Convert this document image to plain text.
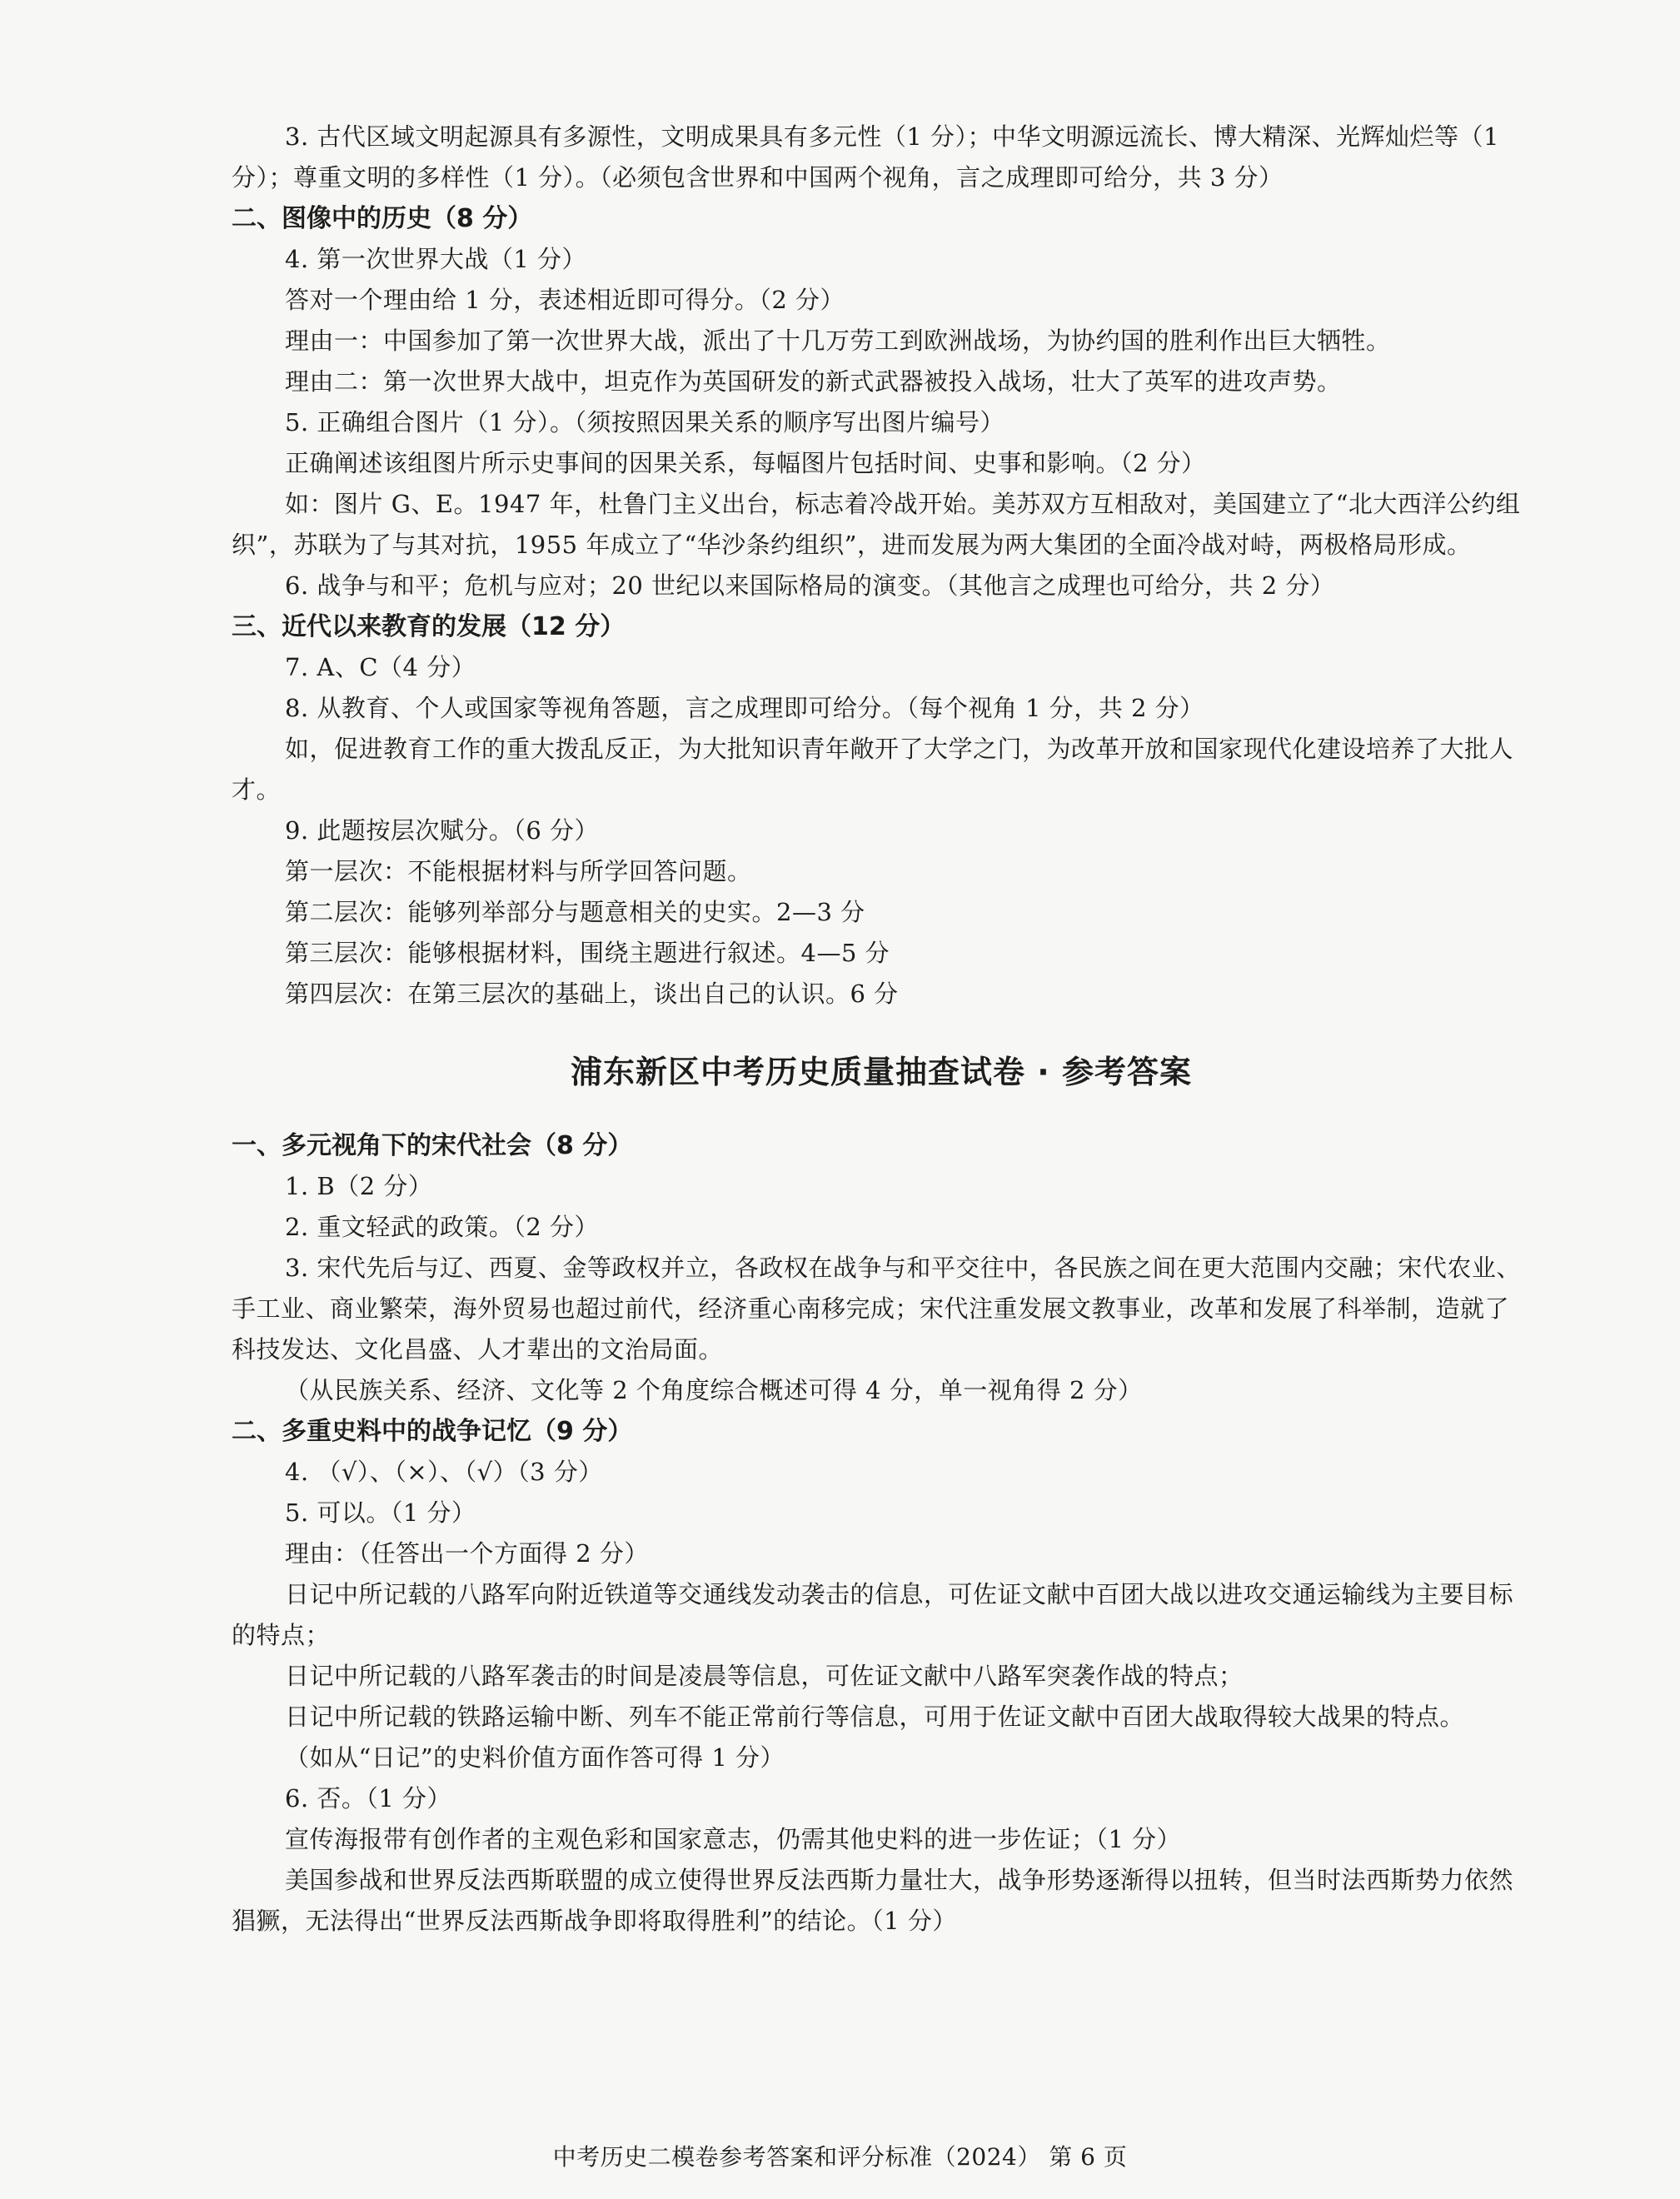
3. 古代区域文明起源具有多源性，文明成果具有多元性（1 分）；中华文明源远流长、博大精深、光辉灿烂等（1 分）；尊重文明的多样性（1 分）。（必须包含世界和中国两个视角，言之成理即可给分，共 3 分）
二、图像中的历史（8 分）
4. 第一次世界大战（1 分）
答对一个理由给 1 分，表述相近即可得分。（2 分）
理由一：中国参加了第一次世界大战，派出了十几万劳工到欧洲战场，为协约国的胜利作出巨大牺牲。
理由二：第一次世界大战中，坦克作为英国研发的新式武器被投入战场，壮大了英军的进攻声势。
5. 正确组合图片（1 分）。（须按照因果关系的顺序写出图片编号）
正确阐述该组图片所示史事间的因果关系，每幅图片包括时间、史事和影响。（2 分）
如：图片 G、E。1947 年，杜鲁门主义出台，标志着冷战开始。美苏双方互相敌对，美国建立了“北大西洋公约组织”，苏联为了与其对抗，1955 年成立了“华沙条约组织”，进而发展为两大集团的全面冷战对峙，两极格局形成。
6. 战争与和平；危机与应对；20 世纪以来国际格局的演变。（其他言之成理也可给分，共 2 分）
三、近代以来教育的发展（12 分）
7. A、C（4 分）
8. 从教育、个人或国家等视角答题，言之成理即可给分。（每个视角 1 分，共 2 分）
如，促进教育工作的重大拨乱反正，为大批知识青年敞开了大学之门，为改革开放和国家现代化建设培养了大批人才。
9. 此题按层次赋分。（6 分）
第一层次：不能根据材料与所学回答问题。
第二层次：能够列举部分与题意相关的史实。2—3 分
第三层次：能够根据材料，围绕主题进行叙述。4—5 分
第四层次：在第三层次的基础上，谈出自己的认识。6 分
浦东新区中考历史质量抽查试卷 · 参考答案
一、多元视角下的宋代社会（8 分）
1. B（2 分）
2. 重文轻武的政策。（2 分）
3. 宋代先后与辽、西夏、金等政权并立，各政权在战争与和平交往中，各民族之间在更大范围内交融；宋代农业、手工业、商业繁荣，海外贸易也超过前代，经济重心南移完成；宋代注重发展文教事业，改革和发展了科举制，造就了科技发达、文化昌盛、人才辈出的文治局面。
（从民族关系、经济、文化等 2 个角度综合概述可得 4 分，单一视角得 2 分）
二、多重史料中的战争记忆（9 分）
4. （√）、（×）、（√）（3 分）
5. 可以。（1 分）
理由：（任答出一个方面得 2 分）
日记中所记载的八路军向附近铁道等交通线发动袭击的信息，可佐证文献中百团大战以进攻交通运输线为主要目标的特点；
日记中所记载的八路军袭击的时间是凌晨等信息，可佐证文献中八路军突袭作战的特点；
日记中所记载的铁路运输中断、列车不能正常前行等信息，可用于佐证文献中百团大战取得较大战果的特点。
（如从“日记”的史料价值方面作答可得 1 分）
6. 否。（1 分）
宣传海报带有创作者的主观色彩和国家意志，仍需其他史料的进一步佐证；（1 分）
美国参战和世界反法西斯联盟的成立使得世界反法西斯力量壮大，战争形势逐渐得以扭转，但当时法西斯势力依然猖獗，无法得出“世界反法西斯战争即将取得胜利”的结论。（1 分）
中考历史二模卷参考答案和评分标准（2024） 第 6 页
